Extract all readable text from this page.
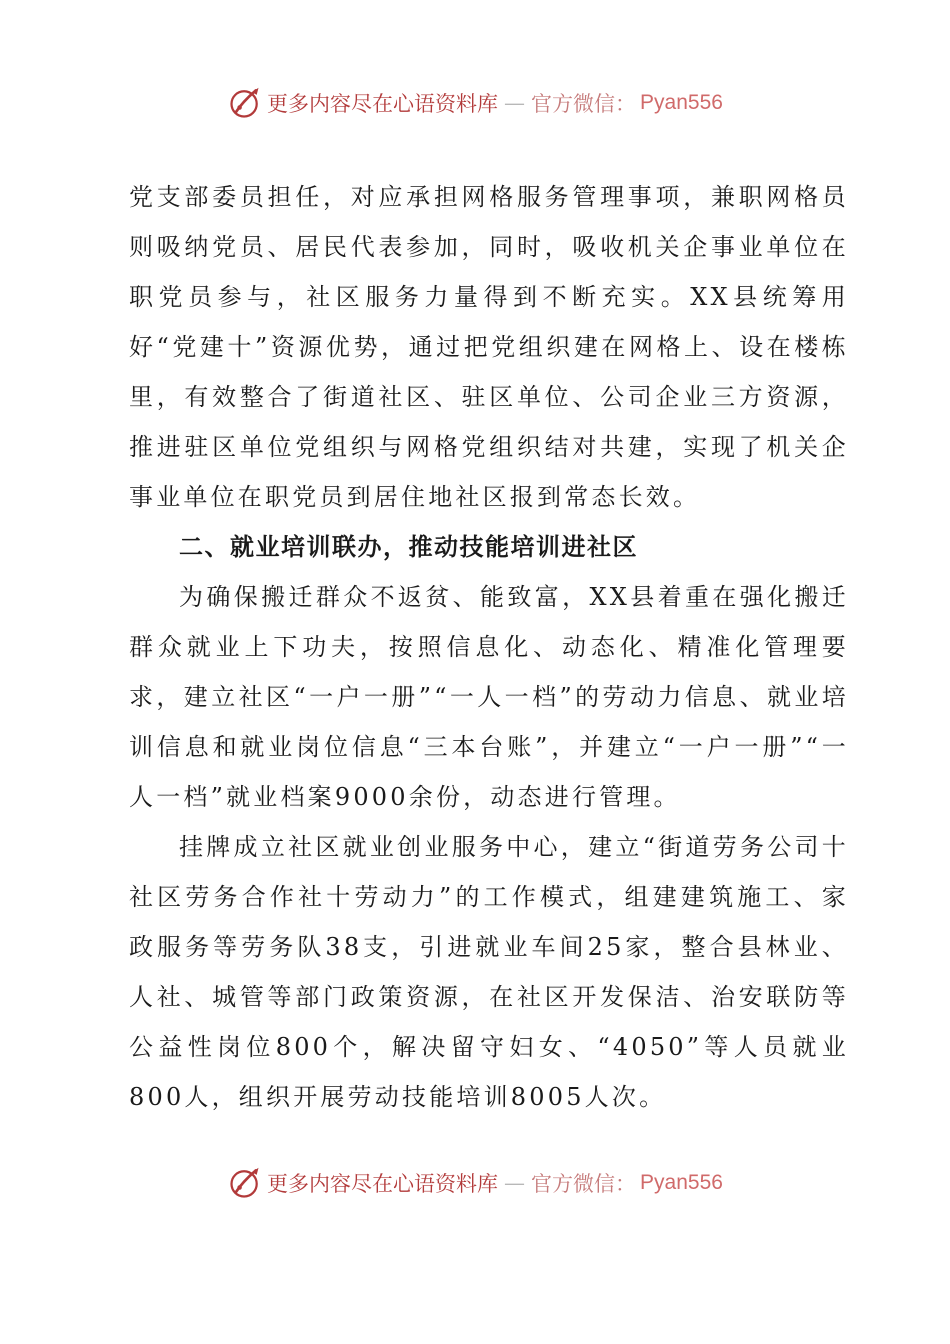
更多内容尽在心语资料库 — 官方微信： Pyan556

党支部委员担任，对应承担网格服务管理事项，兼职网格员则吸纳党员、居民代表参加，同时，吸收机关企事业单位在职党员参与，社区服务力量得到不断充实。XX县统筹用好“党建十”资源优势，通过把党组织建在网格上、设在楼栋里，有效整合了街道社区、驻区单位、公司企业三方资源，推进驻区单位党组织与网格党组织结对共建，实现了机关企事业单位在职党员到居住地社区报到常态长效。

二、就业培训联办，推动技能培训进社区

为确保搬迁群众不返贫、能致富，XX县着重在强化搬迁群众就业上下功夫，按照信息化、动态化、精准化管理要求，建立社区“一户一册”“一人一档”的劳动力信息、就业培训信息和就业岗位信息“三本台账”，并建立“一户一册”“一人一档”就业档案9000余份，动态进行管理。

挂牌成立社区就业创业服务中心，建立“街道劳务公司十社区劳务合作社十劳动力”的工作模式，组建建筑施工、家政服务等劳务队38支，引进就业车间25家，整合县林业、人社、城管等部门政策资源，在社区开发保洁、治安联防等公益性岗位800个，解决留守妇女、“4050”等人员就业800人，组织开展劳动技能培训8005人次。

更多内容尽在心语资料库 — 官方微信： Pyan556
